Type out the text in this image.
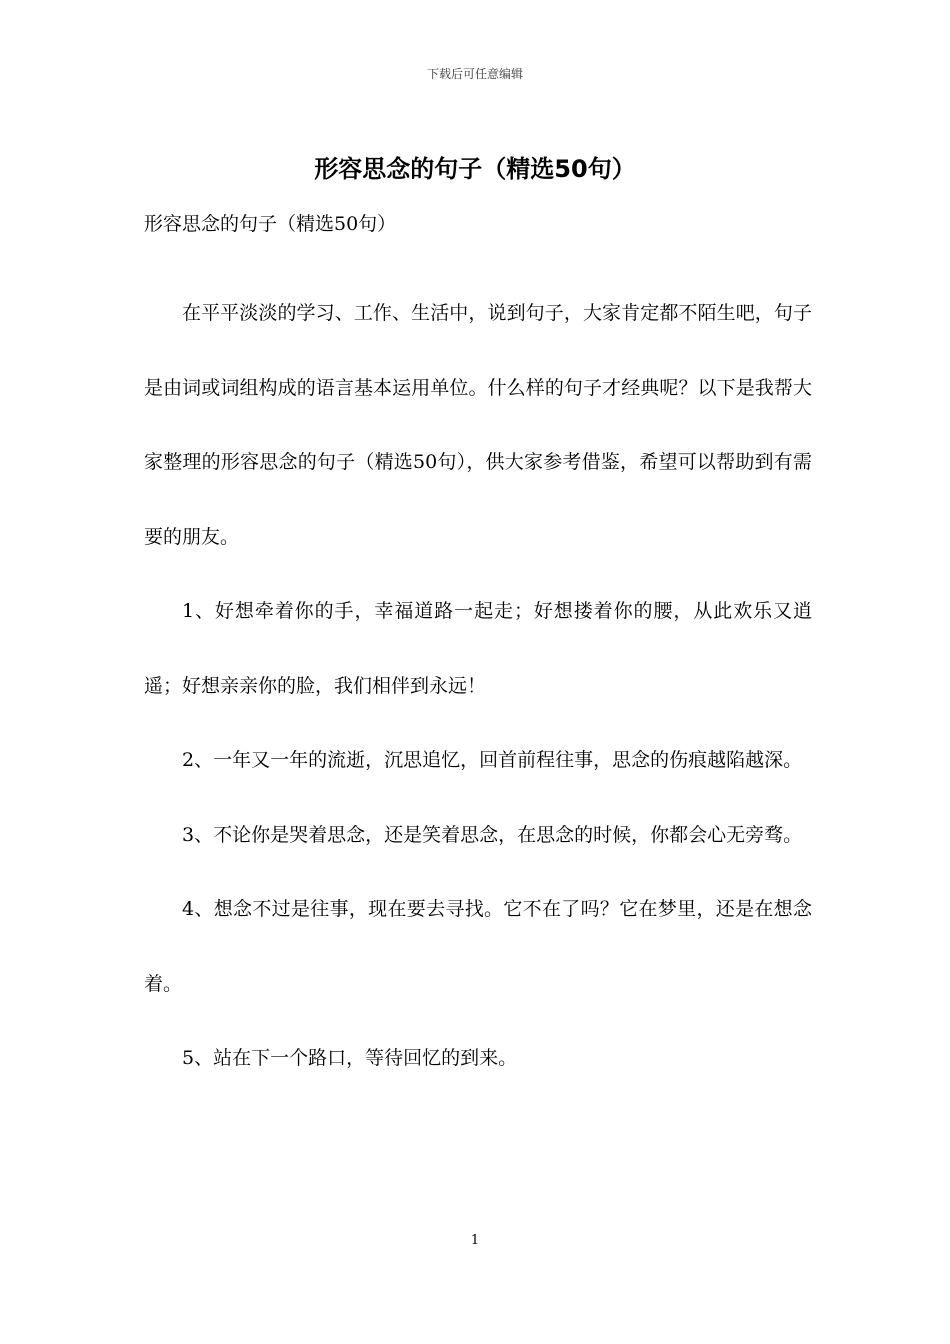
下载后可任意编辑
形容思念的句子（精选50句）

形容思念的句子（精选50句）

在平平淡淡的学习、工作、生活中，说到句子，大家肯定都不陌生吧，句子是由词或词组构成的语言基本运用单位。什么样的句子才经典呢？以下是我帮大家整理的形容思念的句子（精选50句），供大家参考借鉴，希望可以帮助到有需要的朋友。

1、好想牵着你的手，幸福道路一起走；好想搂着你的腰，从此欢乐又逍遥；好想亲亲你的脸，我们相伴到永远！

2、一年又一年的流逝，沉思追忆，回首前程往事，思念的伤痕越陷越深。

3、不论你是哭着思念，还是笑着思念，在思念的时候，你都会心无旁骛。

4、想念不过是往事，现在要去寻找。它不在了吗？它在梦里，还是在想念着。

5、站在下一个路口，等待回忆的到来。

1
